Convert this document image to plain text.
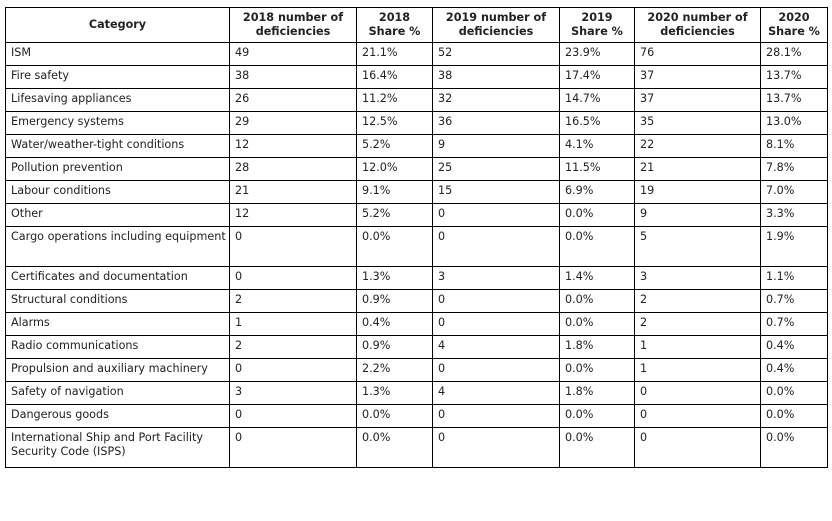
Category	2018 number of deficiencies	2018 Share %	2019 number of deficiencies	2019 Share %	2020 number of deficiencies	2020 Share %
ISM	49	21.1%	52	23.9%	76	28.1%
Fire safety	38	16.4%	38	17.4%	37	13.7%
Lifesaving appliances	26	11.2%	32	14.7%	37	13.7%
Emergency systems	29	12.5%	36	16.5%	35	13.0%
Water/weather-tight conditions	12	5.2%	9	4.1%	22	8.1%
Pollution prevention	28	12.0%	25	11.5%	21	7.8%
Labour conditions	21	9.1%	15	6.9%	19	7.0%
Other	12	5.2%	0	0.0%	9	3.3%
Cargo operations including equipment	0	0.0%	0	0.0%	5	1.9%
Certificates and documentation	0	1.3%	3	1.4%	3	1.1%
Structural conditions	2	0.9%	0	0.0%	2	0.7%
Alarms	1	0.4%	0	0.0%	2	0.7%
Radio communications	2	0.9%	4	1.8%	1	0.4%
Propulsion and auxiliary machinery	0	2.2%	0	0.0%	1	0.4%
Safety of navigation	3	1.3%	4	1.8%	0	0.0%
Dangerous goods	0	0.0%	0	0.0%	0	0.0%
International Ship and Port Facility Security Code (ISPS)	0	0.0%	0	0.0%	0	0.0%
